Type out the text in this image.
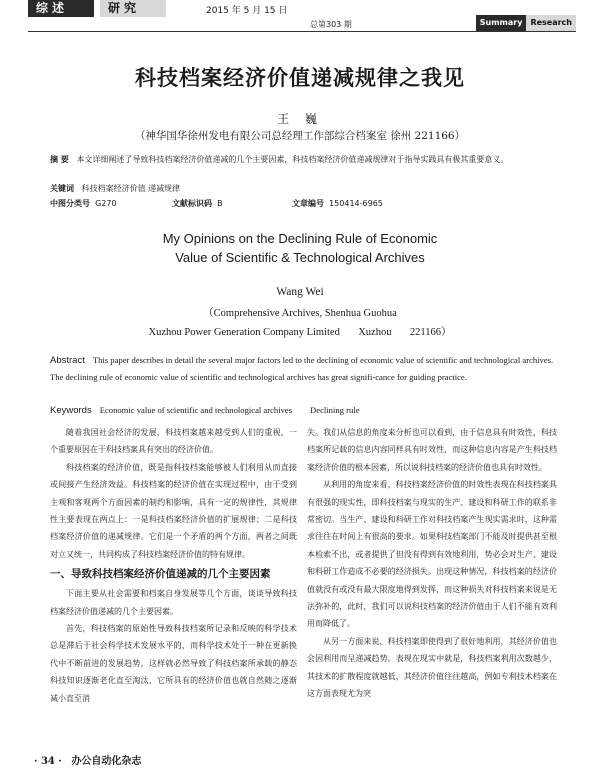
综述	研究	2015 年 5 月 15 日
总第303 期	Summary	Research
科技档案经济价值递减规律之我见
王 巍
（神华国华徐州发电有限公司总经理工作部综合档案室 徐州 221166）
摘 要 本文详细阐述了导致科技档案经济价值递减的几个主要因素，科技档案经济价值递减规律对于指导实践具有极其重要意义。
关键词 科技档案经济价值 递减规律
中图分类号 G270	文献标识码 B	文章编号 150414-6965
My Opinions on the Declining Rule of Economic
Value of Scientific & Technological Archives
Wang Wei
（Comprehensive Archives, Shenhua Guohua
Xuzhou Power Generation Company Limited       Xuzhou       221166）
Abstract This paper describes in detail the several major factors led to the declining of economic value of scientific and technological archives. The declining rule of economic value of scientific and technological archives has great signifi-cance for guiding practice.
Keywords Economic value of scientific and technological archives Declining rule

随着我国社会经济的发展，科技档案越来越受到人们的重视，一个重要原因在于科技档案具有突出的经济价值。

科技档案的经济价值，既是指科技档案能够被人们利用从而直接或间接产生经济效益。科技档案的经济价值在实现过程中，由于受到主观和客观两个方面因素的制约和影响，具有一定的规律性，其规律性主要表现在两点上：一是科技档案经济价值的扩展规律；二是科技档案经济价值的递减规律。它们是一个矛盾的两个方面，两者之间既对立又统一，共同构成了科技档案经济价值的特有规律。

一、导致科技档案经济价值递减的几个主要因素

下面主要从社会需要和档案自身发展等几个方面，谈谈导致科技档案经济价值递减的几个主要因素。

首先，科技档案的原始性导致科技档案所记录和反映的科学技术总是滞后于社会科学技术发展水平的，而科学技术处于一种在更新换代中不断前进的发展趋势，这样就必然导致了科技档案所承载的静态科技知识逐渐老化直至淘汰，它所具有的经济价值也就自然随之逐渐减小直至消

失。我们从信息的角度来分析也可以看到，由于信息具有时效性，科技档案所记载的信息内容同样具有时效性，而这种信息内容是产生科技档案经济价值的根本因素，所以说科技档案的经济价值也具有时效性。

从利用的角度来看，科技档案经济价值的时效性表现在科技档案具有很强的现实性，即科技档案与现实的生产、建设和科研工作的联系非常密切。当生产、建设和科研工作对科技档案产生现实需求时，这种需求往往在时间上有很高的要求。如果科技档案部门不能及时提供甚至根本检索不出，或者提供了但没有得到有效地利用，势必会对生产、建设和科研工作造成不必要的经济损失。出现这种情况，科技档案的经济价值就没有或没有最大限度地得到发挥，而这种损失对科技档案来说是无法弥补的，此时，我们可以说科技档案的经济价值由于人们不能有效利用而降低了。

从另一方面来说，科技档案即使得到了很好地利用，其经济价值也会因利用而呈递减趋势。表现在现实中就是，科技档案利用次数越少，其技术的扩散程度就越低，其经济价值往往越高，例如专利技术档案在这方面表现尤为突

· 34 · 办公自动化杂志
